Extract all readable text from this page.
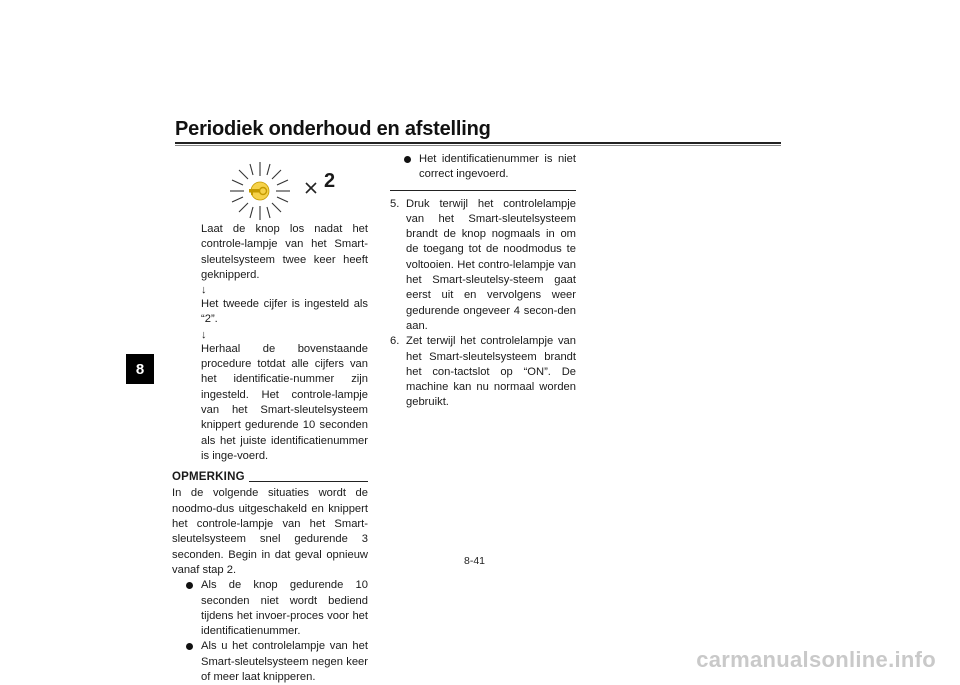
Periodiek onderhoud en afstelling
8
2

Laat de knop los nadat het controle-lampje van het Smart-sleutelsysteem twee keer heeft geknipperd.

↓

Het tweede cijfer is ingesteld als “2”.

↓

Herhaal de bovenstaande procedure totdat alle cijfers van het identificatie-nummer zijn ingesteld. Het controle-lampje van het Smart-sleutelsysteem knippert gedurende 10 seconden als het juiste identificatienummer is inge-voerd.

OPMERKING

In de volgende situaties wordt de noodmo-dus uitgeschakeld en knippert het controle-lampje van het Smart-sleutelsysteem snel gedurende 3 seconden. Begin in dat geval opnieuw vanaf stap 2.

Als de knop gedurende 10 seconden niet wordt bediend tijdens het invoer-proces voor het identificatienummer.
Als u het controlelampje van het Smart-sleutelsysteem negen keer of meer laat knipperen.
Het identificatienummer is niet correct ingevoerd.
5. Druk terwijl het controlelampje van het Smart-sleutelsysteem brandt de knop nogmaals in om de toegang tot de noodmodus te voltooien. Het contro-lelampje van het Smart-sleutelsy-steem gaat eerst uit en vervolgens weer gedurende ongeveer 4 secon-den aan.
6. Zet terwijl het controlelampje van het Smart-sleutelsysteem brandt het con-tactslot op “ON”. De machine kan nu normaal worden gebruikt.
8-41
carmanualsonline.info
